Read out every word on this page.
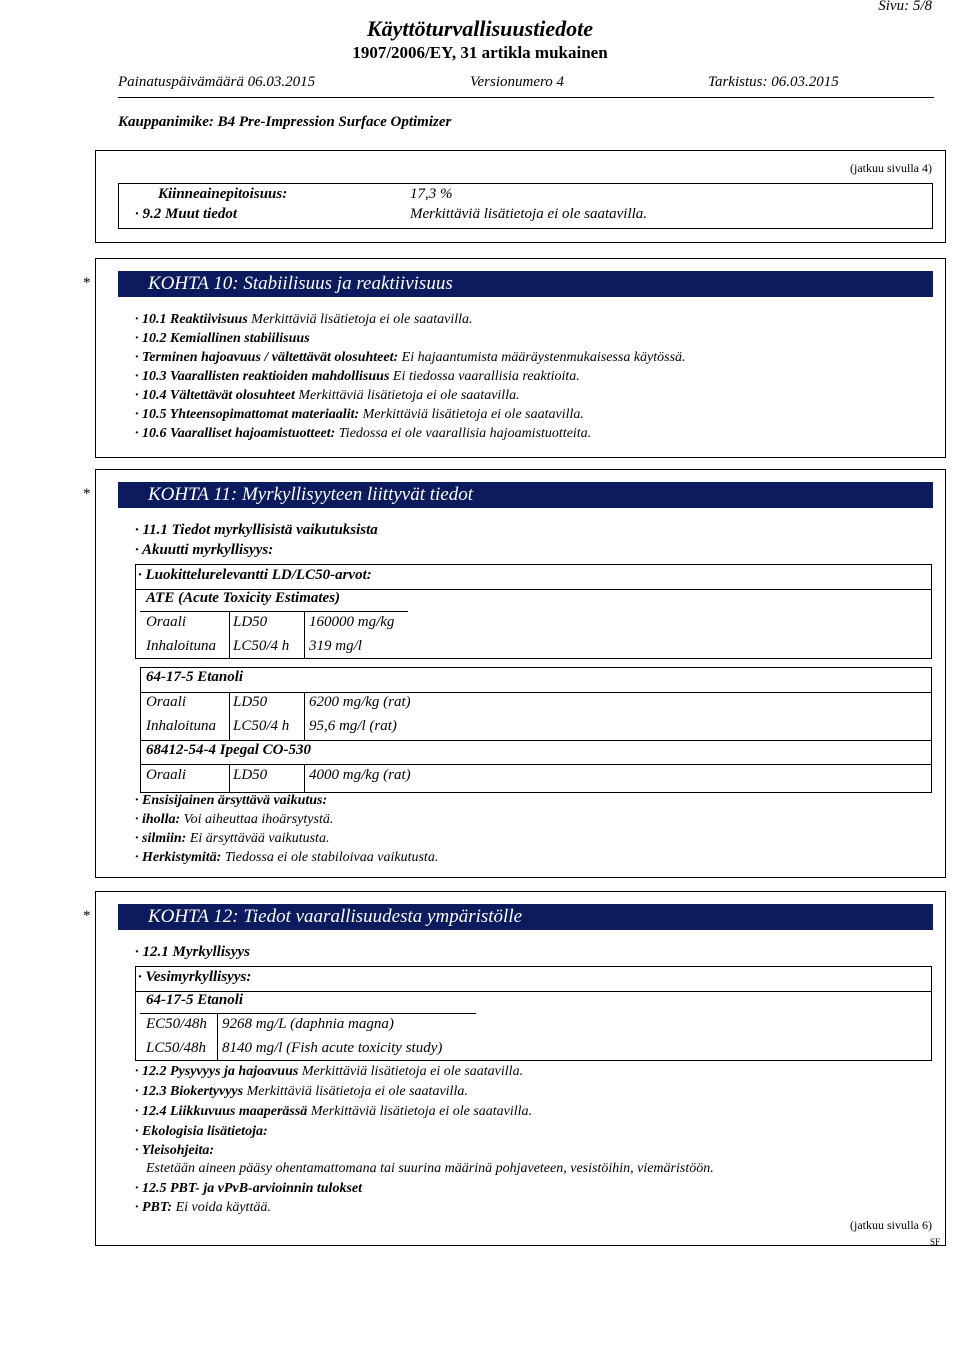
Sivu: 5/8
Käyttöturvallisuustiedote
1907/2006/EY, 31 artikla mukainen
Painatuspäivämäärä 06.03.2015	Versionumero 4	Tarkistus: 06.03.2015
Kauppanimike: B4 Pre-Impression Surface Optimizer
(jatkuu sivulla 4)
Kiinneainepitoisuus:	17,3 %
· 9.2 Muut tiedot	Merkittäviä lisätietoja ei ole saatavilla.
*	KOHTA 10: Stabiilisuus ja reaktiivisuus
· 10.1 Reaktiivisuus Merkittäviä lisätietoja ei ole saatavilla.
· 10.2 Kemiallinen stabiilisuus
· Terminen hajoavuus / vältettävät olosuhteet: Ei hajaantumista määräystenmukaisessa käytössä.
· 10.3 Vaarallisten reaktioiden mahdollisuus Ei tiedossa vaarallisia reaktioita.
· 10.4 Vältettävät olosuhteet Merkittäviä lisätietoja ei ole saatavilla.
· 10.5 Yhteensopimattomat materiaalit: Merkittäviä lisätietoja ei ole saatavilla.
· 10.6 Vaaralliset hajoamistuotteet: Tiedossa ei ole vaarallisia hajoamistuotteita.
*	KOHTA 11: Myrkyllisyyteen liittyvät tiedot
· 11.1 Tiedot myrkyllisistä vaikutuksista
· Akuutti myrkyllisyys:
· Luokittelurelevantti LD/LC50-arvot:
ATE (Acute Toxicity Estimates)
Oraali	LD50	160000 mg/kg
Inhaloituna LC50/4 h 319 mg/l
64-17-5 Etanoli
Oraali	LD50	6200 mg/kg (rat)
Inhaloituna LC50/4 h 95,6 mg/l (rat)
68412-54-4 Ipegal CO-530
Oraali	LD50	4000 mg/kg (rat)
· Ensisijainen ärsyttävä vaikutus:
· iholla: Voi aiheuttaa ihoärsytystä.
· silmiin: Ei ärsyttävää vaikutusta.
· Herkistymitä: Tiedossa ei ole stabiloivaa vaikutusta.
*	KOHTA 12: Tiedot vaarallisuudesta ympäristölle
· 12.1 Myrkyllisyys
· Vesimyrkyllisyys:
64-17-5 Etanoli
EC50/48h 9268 mg/L (daphnia magna)
LC50/48h 8140 mg/l (Fish acute toxicity study)
· 12.2 Pysyvyys ja hajoavuus Merkittäviä lisätietoja ei ole saatavilla.
· 12.3 Biokertyvyys Merkittäviä lisätietoja ei ole saatavilla.
· 12.4 Liikkuvuus maaperässä Merkittäviä lisätietoja ei ole saatavilla.
· Ekologisia lisätietoja:
· Yleisohjeita:
Estetään aineen pääsy ohentamattomana tai suurina määrinä pohjaveteen, vesistöihin, viemäristöön.
· 12.5 PBT- ja vPvB-arvioinnin tulokset
· PBT: Ei voida käyttää.
(jatkuu sivulla 6)
SF
